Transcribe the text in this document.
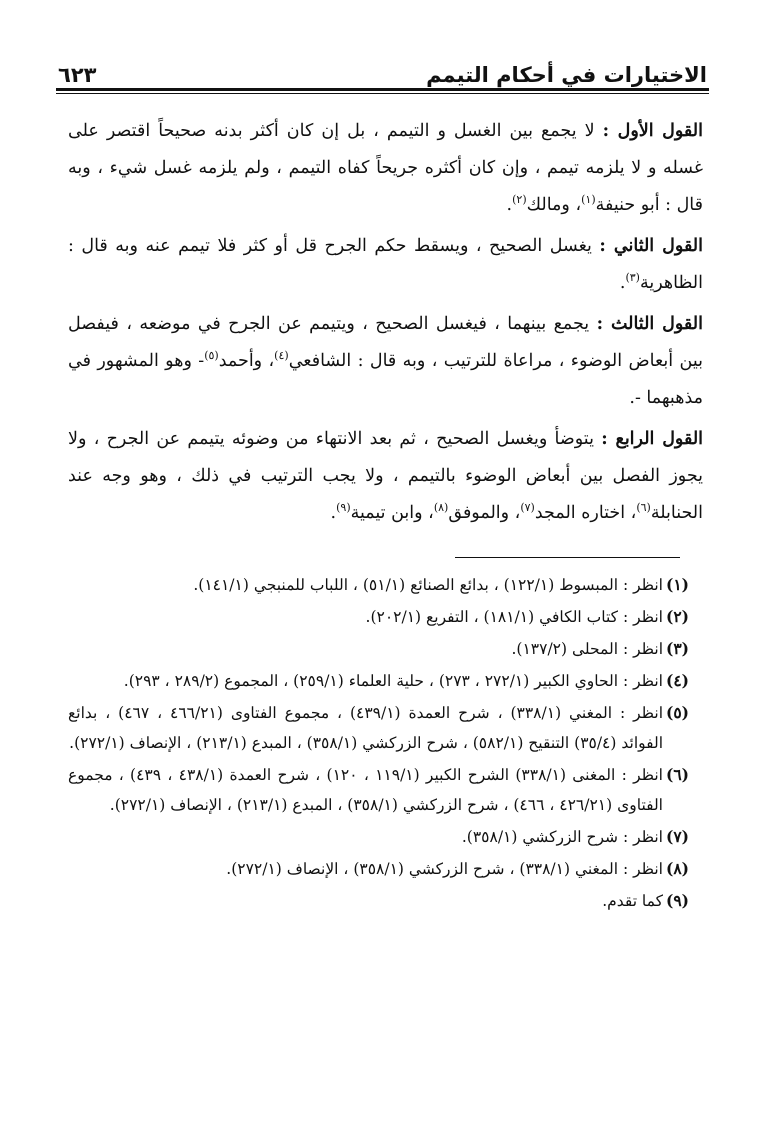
الاختيارات في أحكام التيمم
٦٢٣

القول الأول : لا يجمع بين الغسل و التيمم ، بل إن كان أكثر بدنه صحيحاً اقتصر على غسله و لا يلزمه تيمم ، وإن كان أكثره جريحاً كفاه التيمم ، ولم يلزمه غسل شيء ، وبه قال : أبو حنيفة$^{(١)}$، ومالك$^{(٢)}$.

القول الثاني : يغسل الصحيح ، ويسقط حكم الجرح قل أو كثر فلا تيمم عنه وبه قال : الظاهرية$^{(٣)}$.

القول الثالث : يجمع بينهما ، فيغسل الصحيح ، ويتيمم عن الجرح في موضعه ، فيفصل بين أبعاض الوضوء ، مراعاة للترتيب ، وبه قال : الشافعي$^{(٤)}$، وأحمد$^{(٥)}$- وهو المشهور في مذهبهما -.

القول الرابع : يتوضأ ويغسل الصحيح ، ثم بعد الانتهاء من وضوئه يتيمم عن الجرح ، ولا يجوز الفصل بين أبعاض الوضوء بالتيمم ، ولا يجب الترتيب في ذلك ، وهو وجه عند الحنابلة$^{(٦)}$، اختاره المجد$^{(٧)}$، والموفق$^{(٨)}$، وابن تيمية$^{(٩)}$.

(١)
انظر : المبسوط (١٢٢/١) ، بدائع الصنائع (٥١/١) ، اللباب للمنبجي (١٤١/١).

(٢)
انظر : كتاب الكافي (١٨١/١) ، التفريع (٢٠٢/١).

(٣)
انظر : المحلى (١٣٧/٢).

(٤)
انظر : الحاوي الكبير (٢٧٢/١ ، ٢٧٣) ، حلية العلماء (٢٥٩/١) ، المجموع (٢٨٩/٢ ، ٢٩٣).

(٥)
انظر : المغني (٣٣٨/١) ، شرح العمدة (٤٣٩/١) ، مجموع الفتاوى (٤٦٦/٢١ ، ٤٦٧) ، بدائع الفوائد (٣٥/٤) التنقيح (٥٨٢/١) ، شرح الزركشي (٣٥٨/١) ، المبدع (٢١٣/١) ، الإنصاف (٢٧٢/١).

(٦)
انظر : المغنى (٣٣٨/١) الشرح الكبير (١١٩/١ ، ١٢٠) ، شرح العمدة (٤٣٨/١ ، ٤٣٩) ، مجموع الفتاوى (٤٢٦/٢١ ، ٤٦٦) ، شرح الزركشي (٣٥٨/١) ، المبدع (٢١٣/١) ، الإنصاف (٢٧٢/١).

(٧)
انظر : شرح الزركشي (٣٥٨/١).

(٨)
انظر : المغني (٣٣٨/١) ، شرح الزركشي (٣٥٨/١) ، الإنصاف (٢٧٢/١).

(٩)
كما تقدم.
